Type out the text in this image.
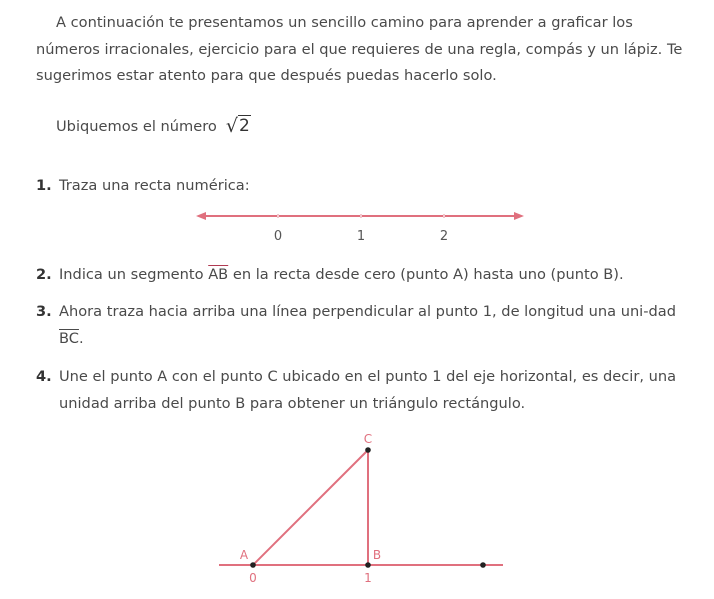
A continuación te presentamos un sencillo camino para aprender a graficar los números irracionales, ejercicio para el que requieres de una regla, compás y un lápiz. Te sugerimos estar atento para que después puedas hacerlo solo.

Ubiquemos el número √ 2
1. Traza una recta numérica:
0	1	2
2. Indica un segmento $\overline{AB}$ en la recta desde cero (punto A) hasta uno (punto B).
3. Ahora traza hacia arriba una línea perpendicular al punto 1, de longitud una uni-dad $\overline{BC}$.
4. Une el punto A con el punto C ubicado en el punto 1 del eje horizontal, es decir, una unidad arriba del punto B para obtener un triángulo rectángulo.
C
A	B
0	1
